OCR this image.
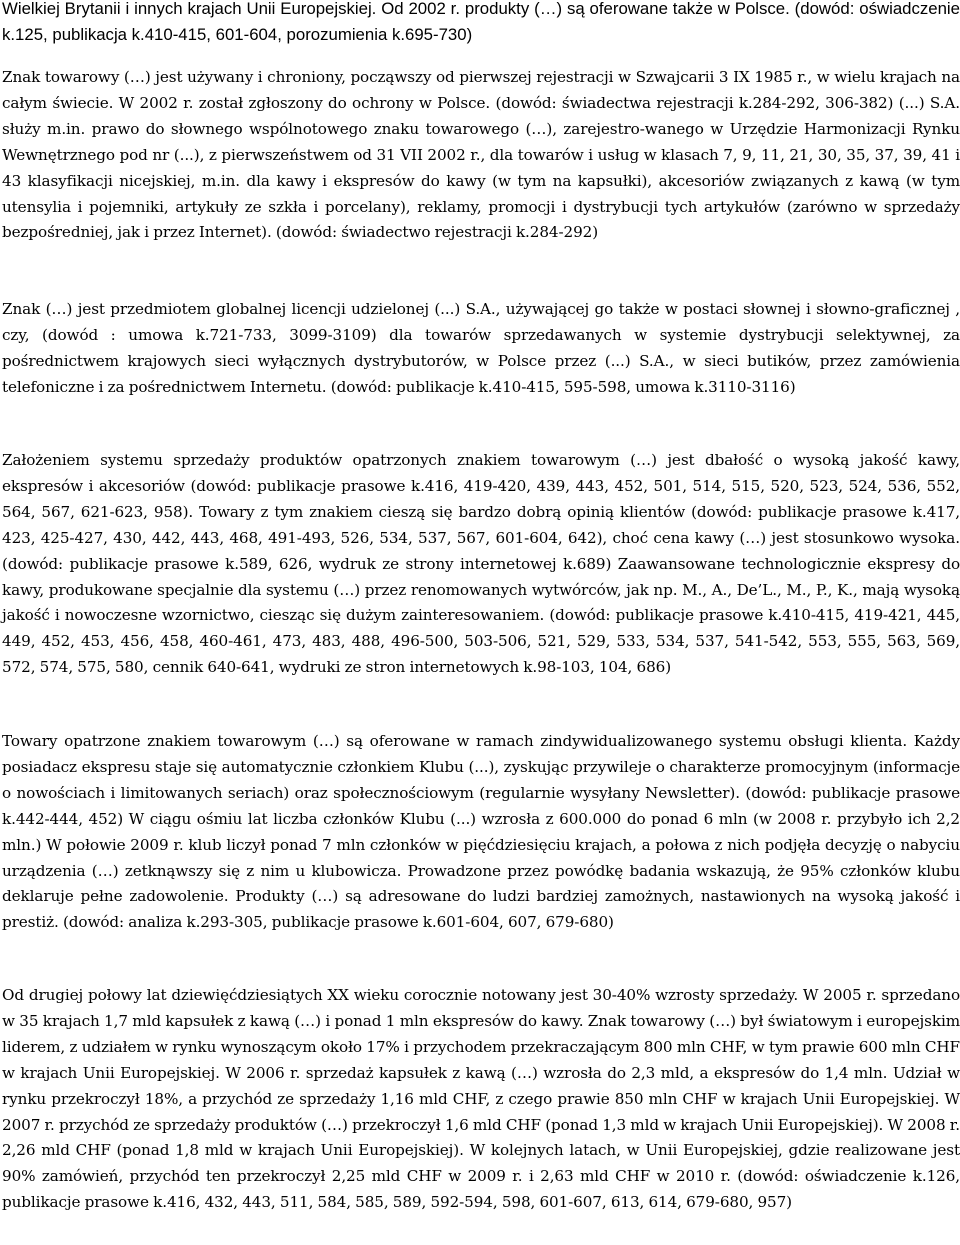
Wielkiej Brytanii i innych krajach Unii Europejskiej. Od 2002 r. produkty (…) są oferowane także w Polsce. (dowód: oświadczenie k.125, publikacja k.410-415, 601-604, porozumienia k.695-730)

Znak towarowy (…) jest używany i chroniony, począwszy od pierwszej rejestracji w Szwajcarii 3 IX 1985 r., w wielu krajach na całym świecie. W 2002 r. został zgłoszony do ochrony w Polsce. (dowód: świadectwa rejestracji k.284-292, 306-382) (...) S.A. służy m.in. prawo do słownego wspólnotowego znaku towarowego (…), zarejestro-wanego w Urzędzie Harmonizacji Rynku Wewnętrznego pod nr (...), z pierwszeństwem od 31 VII 2002 r., dla towarów i usług w klasach 7, 9, 11, 21, 30, 35, 37, 39, 41 i 43 klasyfikacji nicejskiej, m.in. dla kawy i ekspresów do kawy (w tym na kapsułki), akcesoriów związanych z kawą (w tym utensylia i pojemniki, artykuły ze szkła i porcelany), reklamy, promocji i dystrybucji tych artykułów (zarówno w sprzedaży bezpośredniej, jak i przez Internet). (dowód: świadectwo rejestracji k.284-292)

Znak (…) jest przedmiotem globalnej licencji udzielonej (...) S.A., używającej go także w postaci słownej i słowno-graficznej , czy, (dowód : umowa k.721-733, 3099-3109) dla towarów sprzedawanych w systemie dystrybucji selektywnej, za pośrednictwem krajowych sieci wyłącznych dystrybutorów, w Polsce przez (...) S.A., w sieci butików, przez zamówienia telefoniczne i za pośrednictwem Internetu. (dowód: publikacje k.410-415, 595-598, umowa k.3110-3116)

Założeniem systemu sprzedaży produktów opatrzonych znakiem towarowym (…) jest dbałość o wysoką jakość kawy, ekspresów i akcesoriów (dowód: publikacje prasowe k.416, 419-420, 439, 443, 452, 501, 514, 515, 520, 523, 524, 536, 552, 564, 567, 621-623, 958). Towary z tym znakiem cieszą się bardzo dobrą opinią klientów (dowód: publikacje prasowe k.417, 423, 425-427, 430, 442, 443, 468, 491-493, 526, 534, 537, 567, 601-604, 642), choć cena kawy (…) jest stosunkowo wysoka. (dowód: publikacje prasowe k.589, 626, wydruk ze strony internetowej k.689) Zaawansowane technologicznie ekspresy do kawy, produkowane specjalnie dla systemu (…) przez renomowanych wytwórców, jak np. M., A., De’L., M., P., K., mają wysoką jakość i nowoczesne wzornictwo, ciesząc się dużym zainteresowaniem. (dowód: publikacje prasowe k.410-415, 419-421, 445, 449, 452, 453, 456, 458, 460-461, 473, 483, 488, 496-500, 503-506, 521, 529, 533, 534, 537, 541-542, 553, 555, 563, 569, 572, 574, 575, 580, cennik 640-641, wydruki ze stron internetowych k.98-103, 104, 686)

Towary opatrzone znakiem towarowym (…) są oferowane w ramach zindywidualizowanego systemu obsługi klienta. Każdy posiadacz ekspresu staje się automatycznie członkiem Klubu (...), zyskując przywileje o charakterze promocyjnym (informacje o nowościach i limitowanych seriach) oraz społecznościowym (regularnie wysyłany Newsletter). (dowód: publikacje prasowe k.442-444, 452) W ciągu ośmiu lat liczba członków Klubu (...) wzrosła z 600.000 do ponad 6 mln (w 2008 r. przybyło ich 2,2 mln.) W połowie 2009 r. klub liczył ponad 7 mln członków w pięćdziesięciu krajach, a połowa z nich podjęła decyzję o nabyciu urządzenia (…) zetknąwszy się z nim u klubowicza. Prowadzone przez powódkę badania wskazują, że 95% członków klubu deklaruje pełne zadowolenie. Produkty (…) są adresowane do ludzi bardziej zamożnych, nastawionych na wysoką jakość i prestiż. (dowód: analiza k.293-305, publikacje prasowe k.601-604, 607, 679-680)

Od drugiej połowy lat dziewięćdziesiątych XX wieku corocznie notowany jest 30-40% wzrosty sprzedaży. W 2005 r. sprzedano w 35 krajach 1,7 mld kapsułek z kawą (…) i ponad 1 mln ekspresów do kawy. Znak towarowy (…) był światowym i europejskim liderem, z udziałem w rynku wynoszącym około 17% i przychodem przekraczającym 800 mln CHF, w tym prawie 600 mln CHF w krajach Unii Europejskiej. W 2006 r. sprzedaż kapsułek z kawą (…) wzrosła do 2,3 mld, a ekspresów do 1,4 mln. Udział w rynku przekroczył 18%, a przychód ze sprzedaży 1,16 mld CHF, z czego prawie 850 mln CHF w krajach Unii Europejskiej. W 2007 r. przychód ze sprzedaży produktów (…) przekroczył 1,6 mld CHF (ponad 1,3 mld w krajach Unii Europejskiej). W 2008 r. 2,26 mld CHF (ponad 1,8 mld w krajach Unii Europejskiej). W kolejnych latach, w Unii Europejskiej, gdzie realizowane jest 90% zamówień, przychód ten przekroczył 2,25 mld CHF w 2009 r. i 2,63 mld CHF w 2010 r. (dowód: oświadczenie k.126, publikacje prasowe k.416, 432, 443, 511, 584, 585, 589, 592-594, 598, 601-607, 613, 614, 679-680, 957)
